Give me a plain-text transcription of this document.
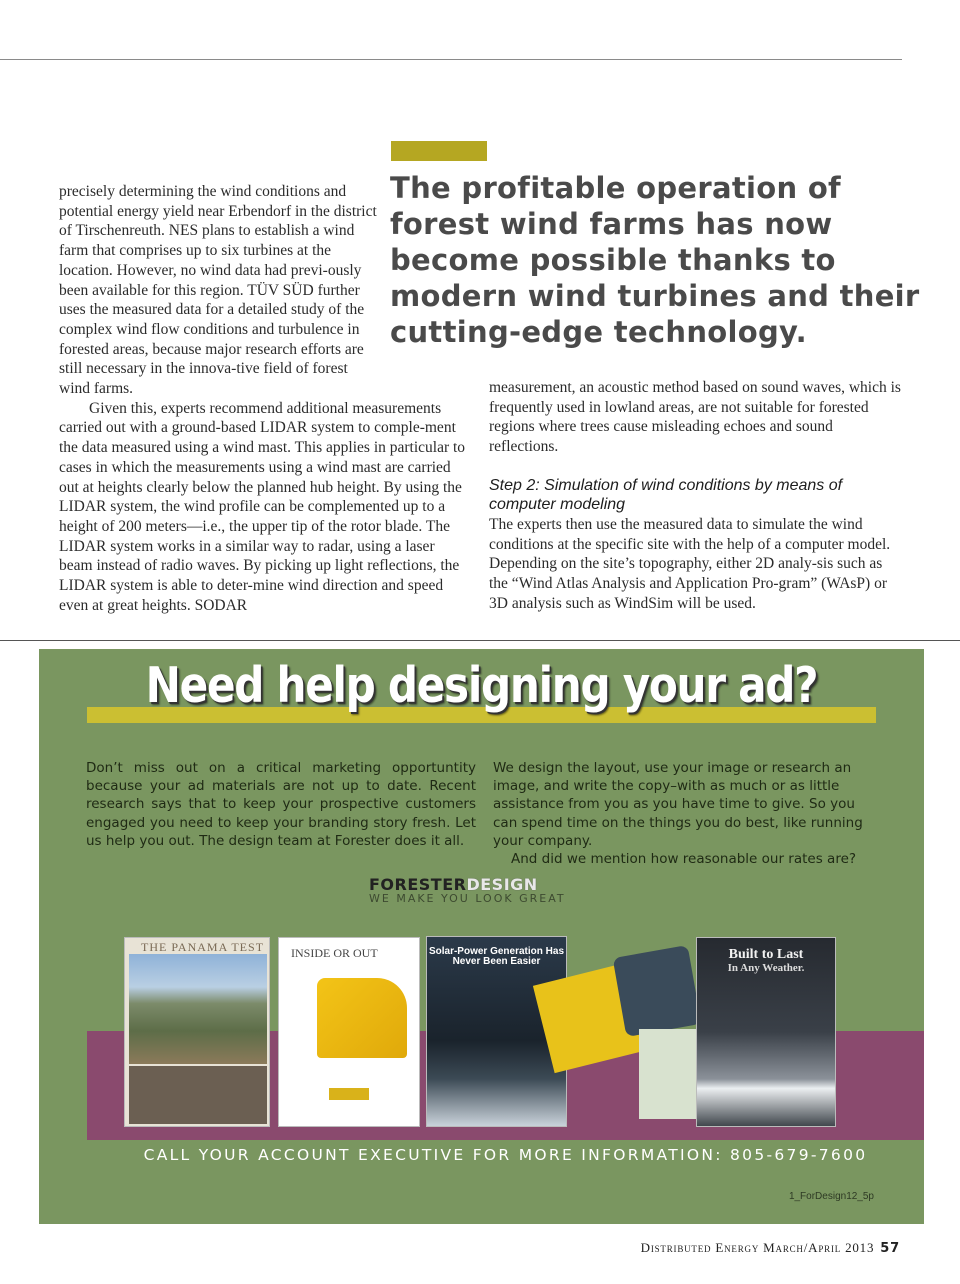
The profitable operation of forest wind farms has now become possible thanks to modern wind turbines and their cutting-edge technology.

precisely determining the wind conditions and potential energy yield near Erbendorf in the district of Tirschenreuth. NES plans to establish a wind farm that comprises up to six turbines at the location. However, no wind data had previ-ously been available for this region. TÜV SÜD further uses the measured data for a detailed study of the complex wind flow conditions and turbulence in forested areas, because major research efforts are still necessary in the innova-tive field of forest wind farms.

Given this, experts recommend additional measurements carried out with a ground-based LIDAR system to comple-ment the data measured using a wind mast. This applies in particular to cases in which the measurements using a wind mast are carried out at heights clearly below the planned hub height. By using the LIDAR system, the wind profile can be complemented up to a height of 200 meters—i.e., the upper tip of the rotor blade. The LIDAR system works in a similar way to radar, using a laser beam instead of radio waves. By picking up light reflections, the LIDAR system is able to deter-mine wind direction and speed even at great heights. SODAR

measurement, an acoustic method based on sound waves, which is frequently used in lowland areas, are not suitable for forested regions where trees cause misleading echoes and sound reflections.

Step 2: Simulation of wind conditions by means of computer modeling

The experts then use the measured data to simulate the wind conditions at the specific site with the help of a computer model. Depending on the site’s topography, either 2D analy-sis such as the “Wind Atlas Analysis and Application Pro-gram” (WAsP) or 3D analysis such as WindSim will be used.

Need help designing your ad?
Don’t miss out on a critical marketing opportuntity because your ad materials are not up to date. Recent research says that to keep your prospective customers engaged you need to keep your branding story fresh. Let us help you out. The design team at Forester does it all.
We design the layout, use your image or research an image, and write the copy–with as much or as little assistance from you as you have time to give. So you can spend time on the things you do best, like running your company.
And did we mention how reasonable our rates are?
FORESTERDESIGN
WE MAKE YOU LOOK GREAT
THE PANAMA TEST	INSIDE OR OUT	Solar-Power Generation Has Never Been Easier	Built to Last
In Any Weather.
CALL YOUR ACCOUNT EXECUTIVE FOR MORE INFORMATION: 805-679-7600
1_ForDesign12_5p
Distributed Energy March/April 2013 57
